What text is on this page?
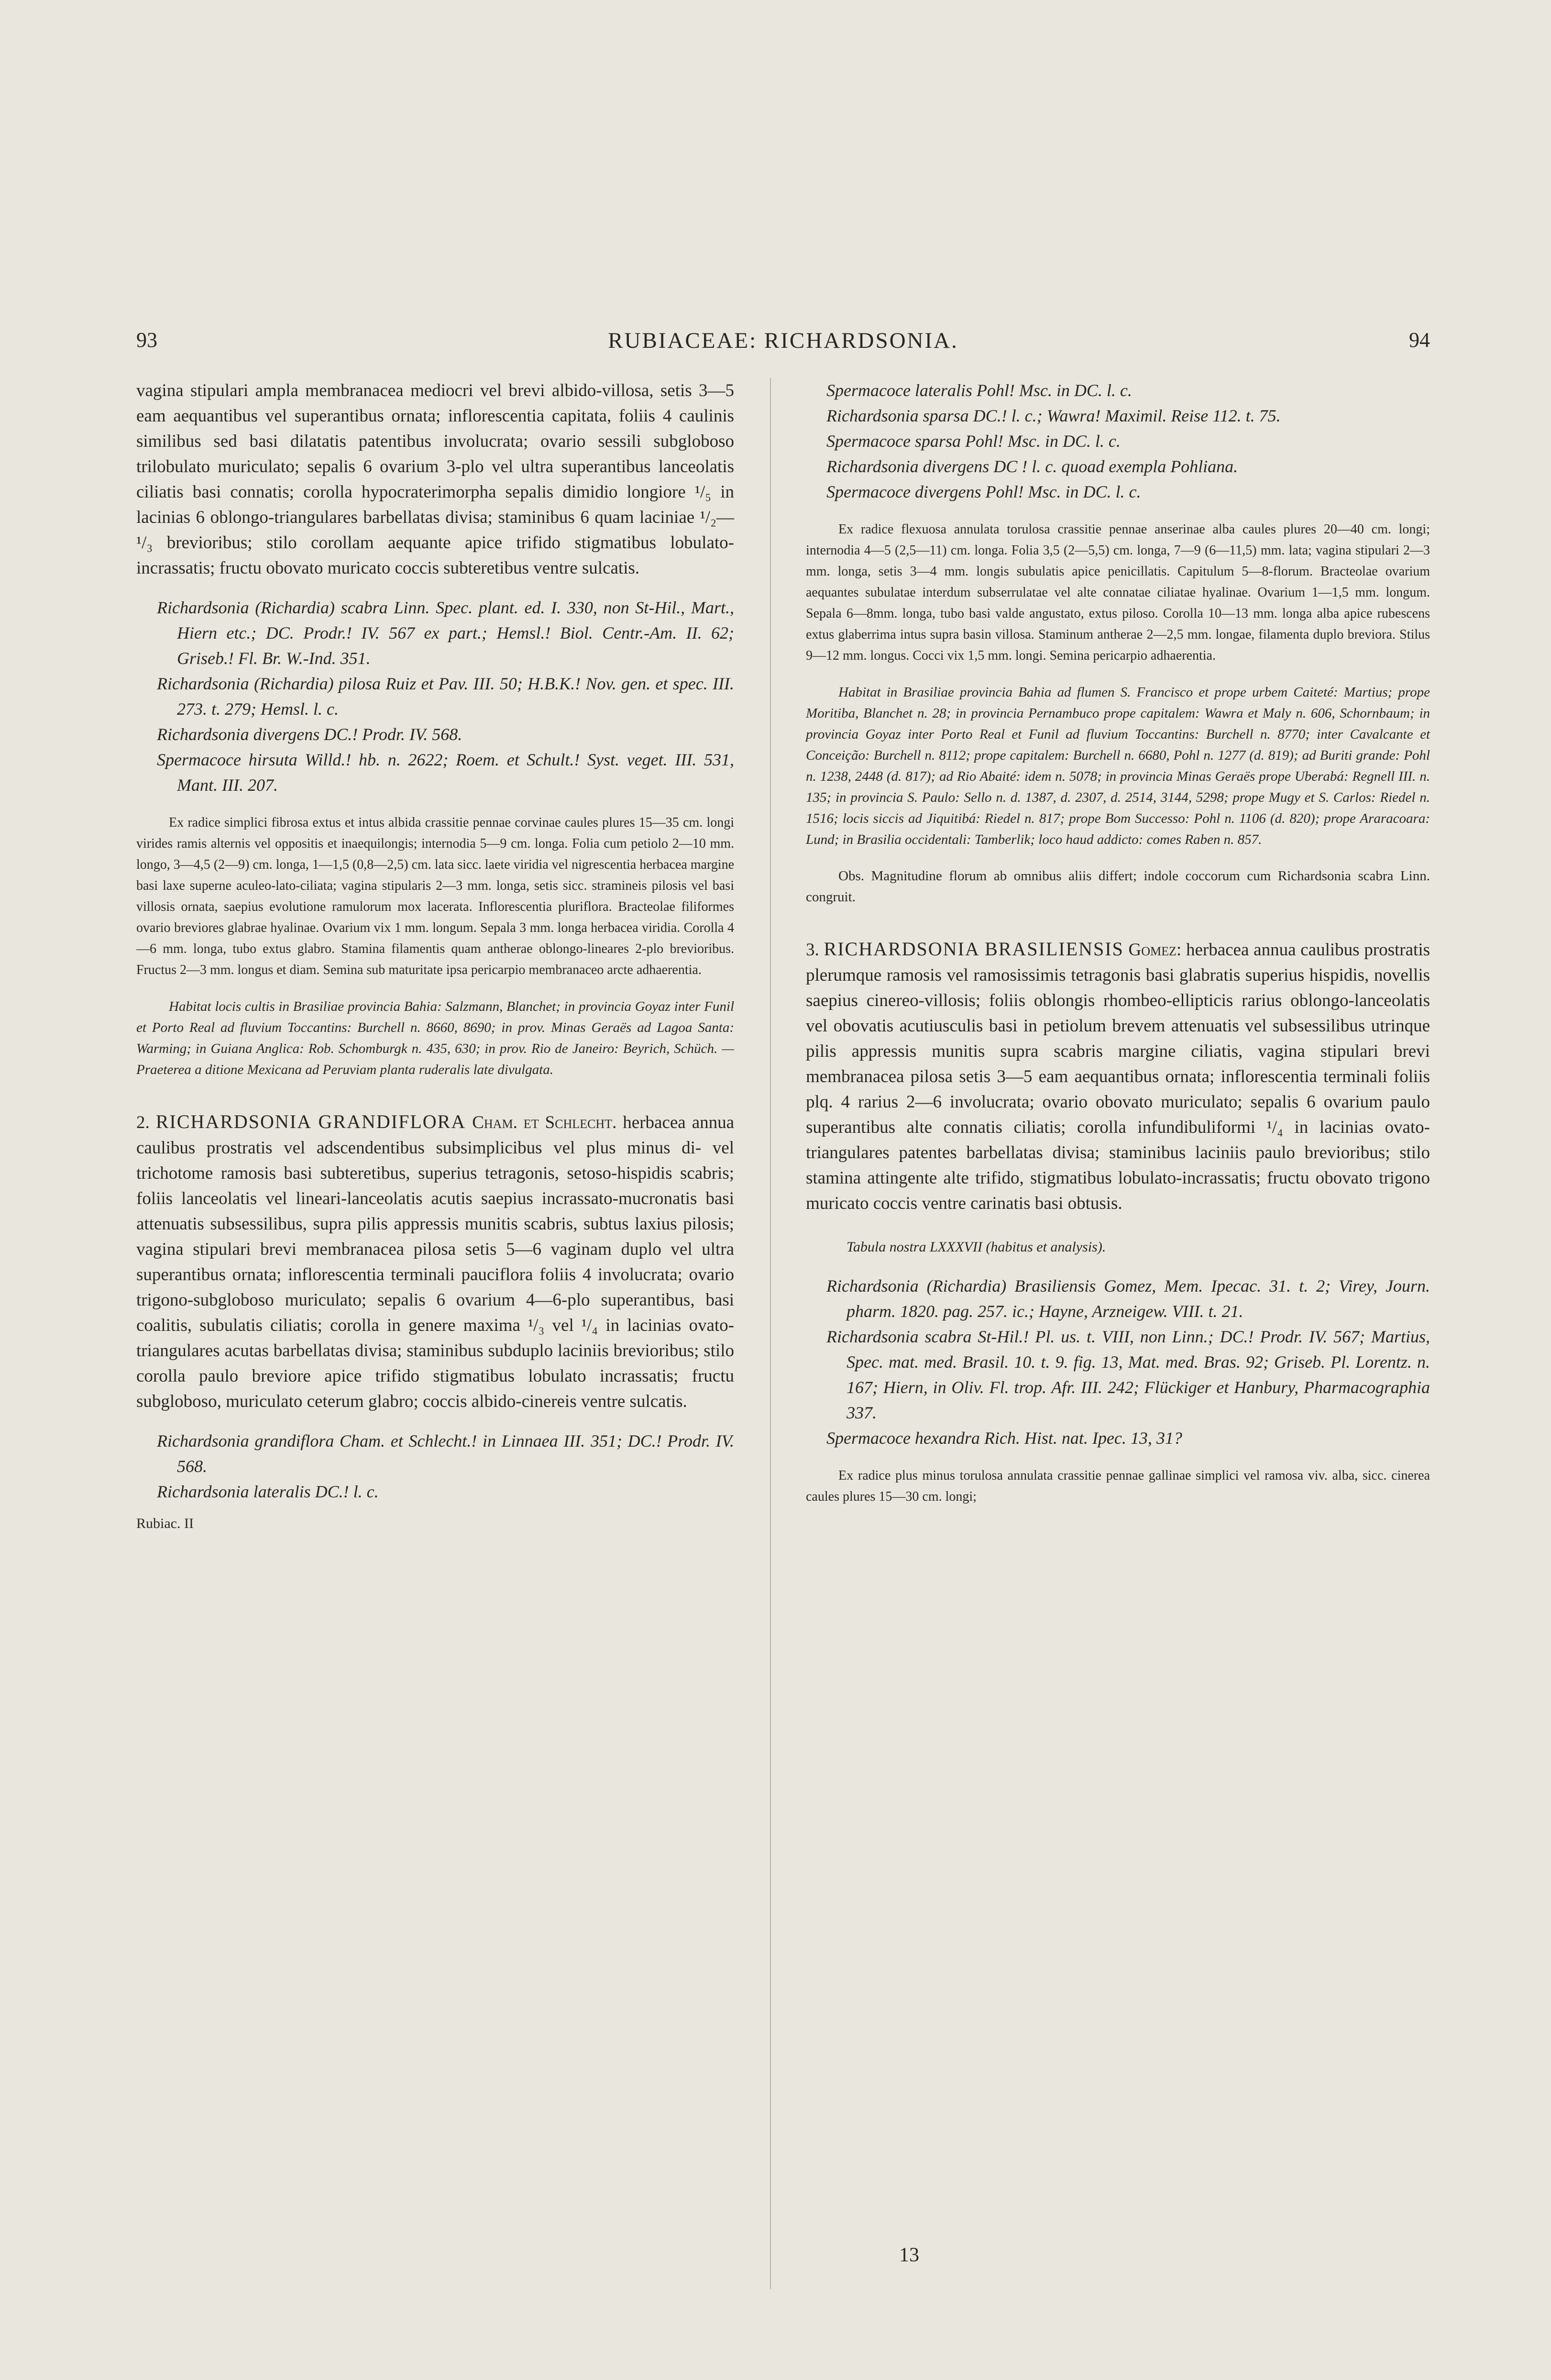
93	RUBIACEAE: RICHARDSONIA.	94

vagina stipulari ampla membranacea mediocri vel brevi albido-villosa, setis 3—5 eam aequantibus vel superantibus ornata; inflorescentia capitata, foliis 4 caulinis similibus sed basi dilatatis patentibus involucrata; ovario sessili subgloboso trilobulato muriculato; sepalis 6 ovarium 3-plo vel ultra superantibus lanceolatis ciliatis basi connatis; corolla hypocraterimorpha sepalis dimidio longiore ¹/₅ in lacinias 6 oblongo-triangulares barbellatas divisa; staminibus 6 quam laciniae ¹/₂—¹/₃ brevioribus; stilo corollam aequante apice trifido stigmatibus lobulato-incrassatis; fructu obovato muricato coccis subteretibus ventre sulcatis.

Richardsonia (Richardia) scabra Linn. Spec. plant. ed. I. 330, non St-Hil., Mart., Hiern etc.; DC. Prodr.! IV. 567 ex part.; Hemsl.! Biol. Centr.-Am. II. 62; Griseb.! Fl. Br. W.-Ind. 351.

Richardsonia (Richardia) pilosa Ruiz et Pav. III. 50; H.B.K.! Nov. gen. et spec. III. 273. t. 279; Hemsl. l. c.

Richardsonia divergens DC.! Prodr. IV. 568.

Spermacoce hirsuta Willd.! hb. n. 2622; Roem. et Schult.! Syst. veget. III. 531, Mant. III. 207.

Ex radice simplici fibrosa extus et intus albida crassitie pennae corvinae caules plures 15—35 cm. longi virides ramis alternis vel oppositis et inaequilongis; internodia 5—9 cm. longa. Folia cum petiolo 2—10 mm. longo, 3—4,5 (2—9) cm. longa, 1—1,5 (0,8—2,5) cm. lata sicc. laete viridia vel nigrescentia herbacea margine basi laxe superne aculeo-lato-ciliata; vagina stipularis 2—3 mm. longa, setis sicc. stramineis pilosis vel basi villosis ornata, saepius evolutione ramulorum mox lacerata. Inflorescentia pluriflora. Bracteolae filiformes ovario breviores glabrae hyalinae. Ovarium vix 1 mm. longum. Sepala 3 mm. longa herbacea viridia. Corolla 4—6 mm. longa, tubo extus glabro. Stamina filamentis quam antherae oblongo-lineares 2-plo brevioribus. Fructus 2—3 mm. longus et diam. Semina sub maturitate ipsa pericarpio membranaceo arcte adhaerentia.

Habitat locis cultis in Brasiliae provincia Bahia: Salzmann, Blanchet; in provincia Goyaz inter Funil et Porto Real ad fluvium Toccantins: Burchell n. 8660, 8690; in prov. Minas Geraës ad Lagoa Santa: Warming; in Guiana Anglica: Rob. Schomburgk n. 435, 630; in prov. Rio de Janeiro: Beyrich, Schüch. — Praeterea a ditione Mexicana ad Peruviam planta ruderalis late divulgata.

2. RICHARDSONIA GRANDIFLORA Cham. et Schlecht. herbacea annua caulibus prostratis vel adscendentibus subsimplicibus vel plus minus di- vel trichotome ramosis basi subteretibus, superius tetragonis, setoso-hispidis scabris; foliis lanceolatis vel lineari-lanceolatis acutis saepius incrassato-mucronatis basi attenuatis subsessilibus, supra pilis appressis munitis scabris, subtus laxius pilosis; vagina stipulari brevi membranacea pilosa setis 5—6 vaginam duplo vel ultra superantibus ornata; inflorescentia terminali pauciflora foliis 4 involucrata; ovario trigono-subgloboso muriculato; sepalis 6 ovarium 4—6-plo superantibus, basi coalitis, subulatis ciliatis; corolla in genere maxima ¹/₃ vel ¹/₄ in lacinias ovato-triangulares acutas barbellatas divisa; staminibus subduplo laciniis brevioribus; stilo corolla paulo breviore apice trifido stigmatibus lobulato incrassatis; fructu subgloboso, muriculato ceterum glabro; coccis albido-cinereis ventre sulcatis.

Richardsonia grandiflora Cham. et Schlecht.! in Linnaea III. 351; DC.! Prodr. IV. 568.

Richardsonia lateralis DC.! l. c.

Rubiac. II

Spermacoce lateralis Pohl! Msc. in DC. l. c.

Richardsonia sparsa DC.! l. c.; Wawra! Maximil. Reise 112. t. 75.

Spermacoce sparsa Pohl! Msc. in DC. l. c.

Richardsonia divergens DC ! l. c. quoad exempla Pohliana.

Spermacoce divergens Pohl! Msc. in DC. l. c.

Ex radice flexuosa annulata torulosa crassitie pennae anserinae alba caules plures 20—40 cm. longi; internodia 4—5 (2,5—11) cm. longa. Folia 3,5 (2—5,5) cm. longa, 7—9 (6—11,5) mm. lata; vagina stipulari 2—3 mm. longa, setis 3—4 mm. longis subulatis apice penicillatis. Capitulum 5—8-florum. Bracteolae ovarium aequantes subulatae interdum subserrulatae vel alte connatae ciliatae hyalinae. Ovarium 1—1,5 mm. longum. Sepala 6—8mm. longa, tubo basi valde angustato, extus piloso. Corolla 10—13 mm. longa alba apice rubescens extus glaberrima intus supra basin villosa. Staminum antherae 2—2,5 mm. longae, filamenta duplo breviora. Stilus 9—12 mm. longus. Cocci vix 1,5 mm. longi. Semina pericarpio adhaerentia.

Habitat in Brasiliae provincia Bahia ad flumen S. Francisco et prope urbem Caiteté: Martius; prope Moritiba, Blanchet n. 28; in provincia Pernambuco prope capitalem: Wawra et Maly n. 606, Schornbaum; in provincia Goyaz inter Porto Real et Funil ad fluvium Toccantins: Burchell n. 8770; inter Cavalcante et Conceição: Burchell n. 8112; prope capitalem: Burchell n. 6680, Pohl n. 1277 (d. 819); ad Buriti grande: Pohl n. 1238, 2448 (d. 817); ad Rio Abaité: idem n. 5078; in provincia Minas Geraës prope Uberabá: Regnell III. n. 135; in provincia S. Paulo: Sello n. d. 1387, d. 2307, d. 2514, 3144, 5298; prope Mugy et S. Carlos: Riedel n. 1516; locis siccis ad Jiquitibá: Riedel n. 817; prope Bom Successo: Pohl n. 1106 (d. 820); prope Araracoara: Lund; in Brasilia occidentali: Tamberlik; loco haud addicto: comes Raben n. 857.

Obs. Magnitudine florum ab omnibus aliis differt; indole coccorum cum Richardsonia scabra Linn. congruit.

3. RICHARDSONIA BRASILIENSIS Gomez: herbacea annua caulibus prostratis plerumque ramosis vel ramosissimis tetragonis basi glabratis superius hispidis, novellis saepius cinereo-villosis; foliis oblongis rhombeo-ellipticis rarius oblongo-lanceolatis vel obovatis acutiusculis basi in petiolum brevem attenuatis vel subsessilibus utrinque pilis appressis munitis supra scabris margine ciliatis, vagina stipulari brevi membranacea pilosa setis 3—5 eam aequantibus ornata; inflorescentia terminali foliis plq. 4 rarius 2—6 involucrata; ovario obovato muriculato; sepalis 6 ovarium paulo superantibus alte connatis ciliatis; corolla infundibuliformi ¹/₄ in lacinias ovato-triangulares patentes barbellatas divisa; staminibus laciniis paulo brevioribus; stilo stamina attingente alte trifido, stigmatibus lobulato-incrassatis; fructu obovato trigono muricato coccis ventre carinatis basi obtusis.

Tabula nostra LXXXVII (habitus et analysis).

Richardsonia (Richardia) Brasiliensis Gomez, Mem. Ipecac. 31. t. 2; Virey, Journ. pharm. 1820. pag. 257. ic.; Hayne, Arzneigew. VIII. t. 21.

Richardsonia scabra St-Hil.! Pl. us. t. VIII, non Linn.; DC.! Prodr. IV. 567; Martius, Spec. mat. med. Brasil. 10. t. 9. fig. 13, Mat. med. Bras. 92; Griseb. Pl. Lorentz. n. 167; Hiern, in Oliv. Fl. trop. Afr. III. 242; Flückiger et Hanbury, Pharmacographia 337.

Spermacoce hexandra Rich. Hist. nat. Ipec. 13, 31?

Ex radice plus minus torulosa annulata crassitie pennae gallinae simplici vel ramosa viv. alba, sicc. cinerea caules plures 15—30 cm. longi;

13
